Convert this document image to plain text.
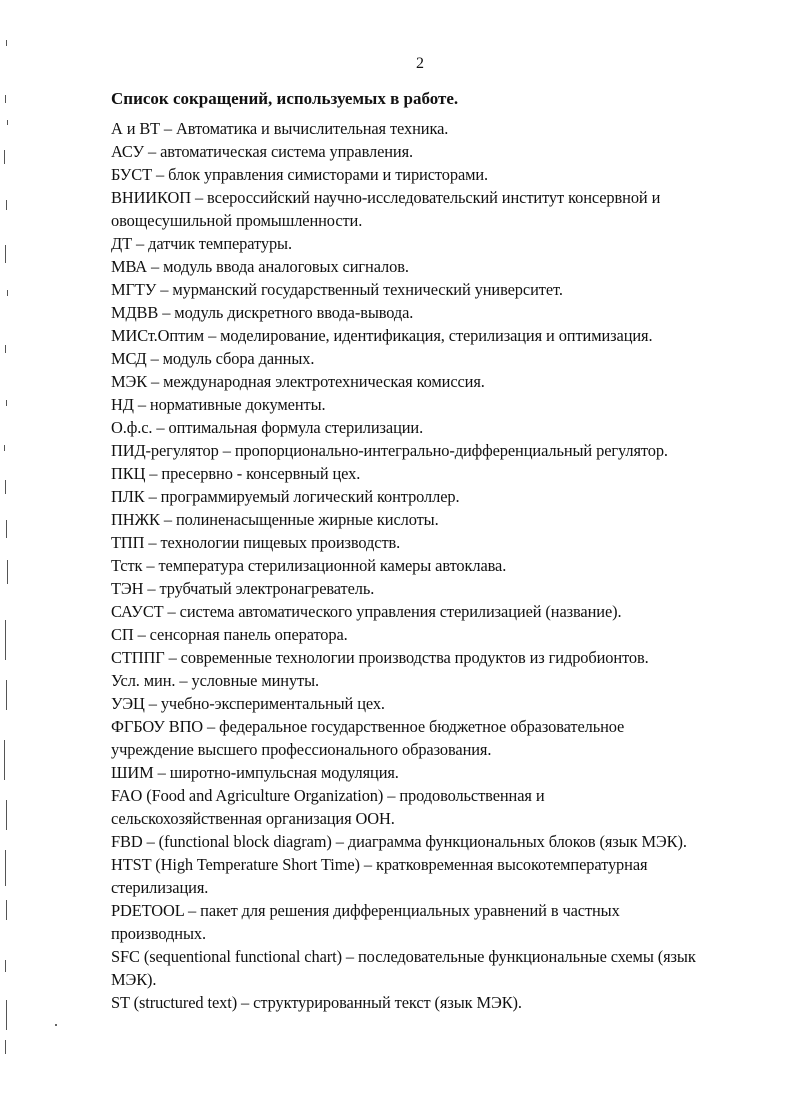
2
Список сокращений, используемых в работе.
А и ВТ – Автоматика и вычислительная техника.
АСУ – автоматическая система управления.
БУСТ – блок управления симисторами и тиристорами.
ВНИИКОП – всероссийский научно-исследовательский институт консервной и
овощесушильной промышленности.
ДТ – датчик температуры.
МВА – модуль ввода аналоговых сигналов.
МГТУ – мурманский государственный технический университет.
МДВВ – модуль дискретного ввода-вывода.
МИСт.Оптим – моделирование, идентификация, стерилизация и оптимизация.
МСД – модуль сбора данных.
МЭК – международная электротехническая комиссия.
НД – нормативные документы.
О.ф.с. – оптимальная формула стерилизации.
ПИД-регулятор – пропорционально-интегрально-дифференциальный регулятор.
ПКЦ – пресервно - консервный цех.
ПЛК – программируемый логический контроллер.
ПНЖК – полиненасыщенные жирные кислоты.
ТПП – технологии пищевых производств.
Тстк – температура стерилизационной камеры автоклава.
ТЭН – трубчатый электронагреватель.
САУСТ – система автоматического управления стерилизацией (название).
СП – сенсорная панель оператора.
СТППГ – современные технологии производства продуктов из гидробионтов.
Усл. мин. – условные минуты.
УЭЦ – учебно-экспериментальный цех.
ФГБОУ ВПО – федеральное государственное бюджетное образовательное
учреждение высшего профессионального образования.
ШИМ – широтно-импульсная модуляция.
FAO (Food and Agriculture Organization) – продовольственная и
сельскохозяйственная организация ООН.
FBD – (functional block diagram) – диаграмма функциональных блоков (язык МЭК).
HTST (High Temperature Short Time) – кратковременная высокотемпературная
стерилизация.
PDETOOL – пакет для решения дифференциальных уравнений в частных
производных.
SFC (sequentional functional chart) – последовательные функциональные схемы (язык
МЭК).
ST (structured text) – структурированный текст (язык МЭК).
